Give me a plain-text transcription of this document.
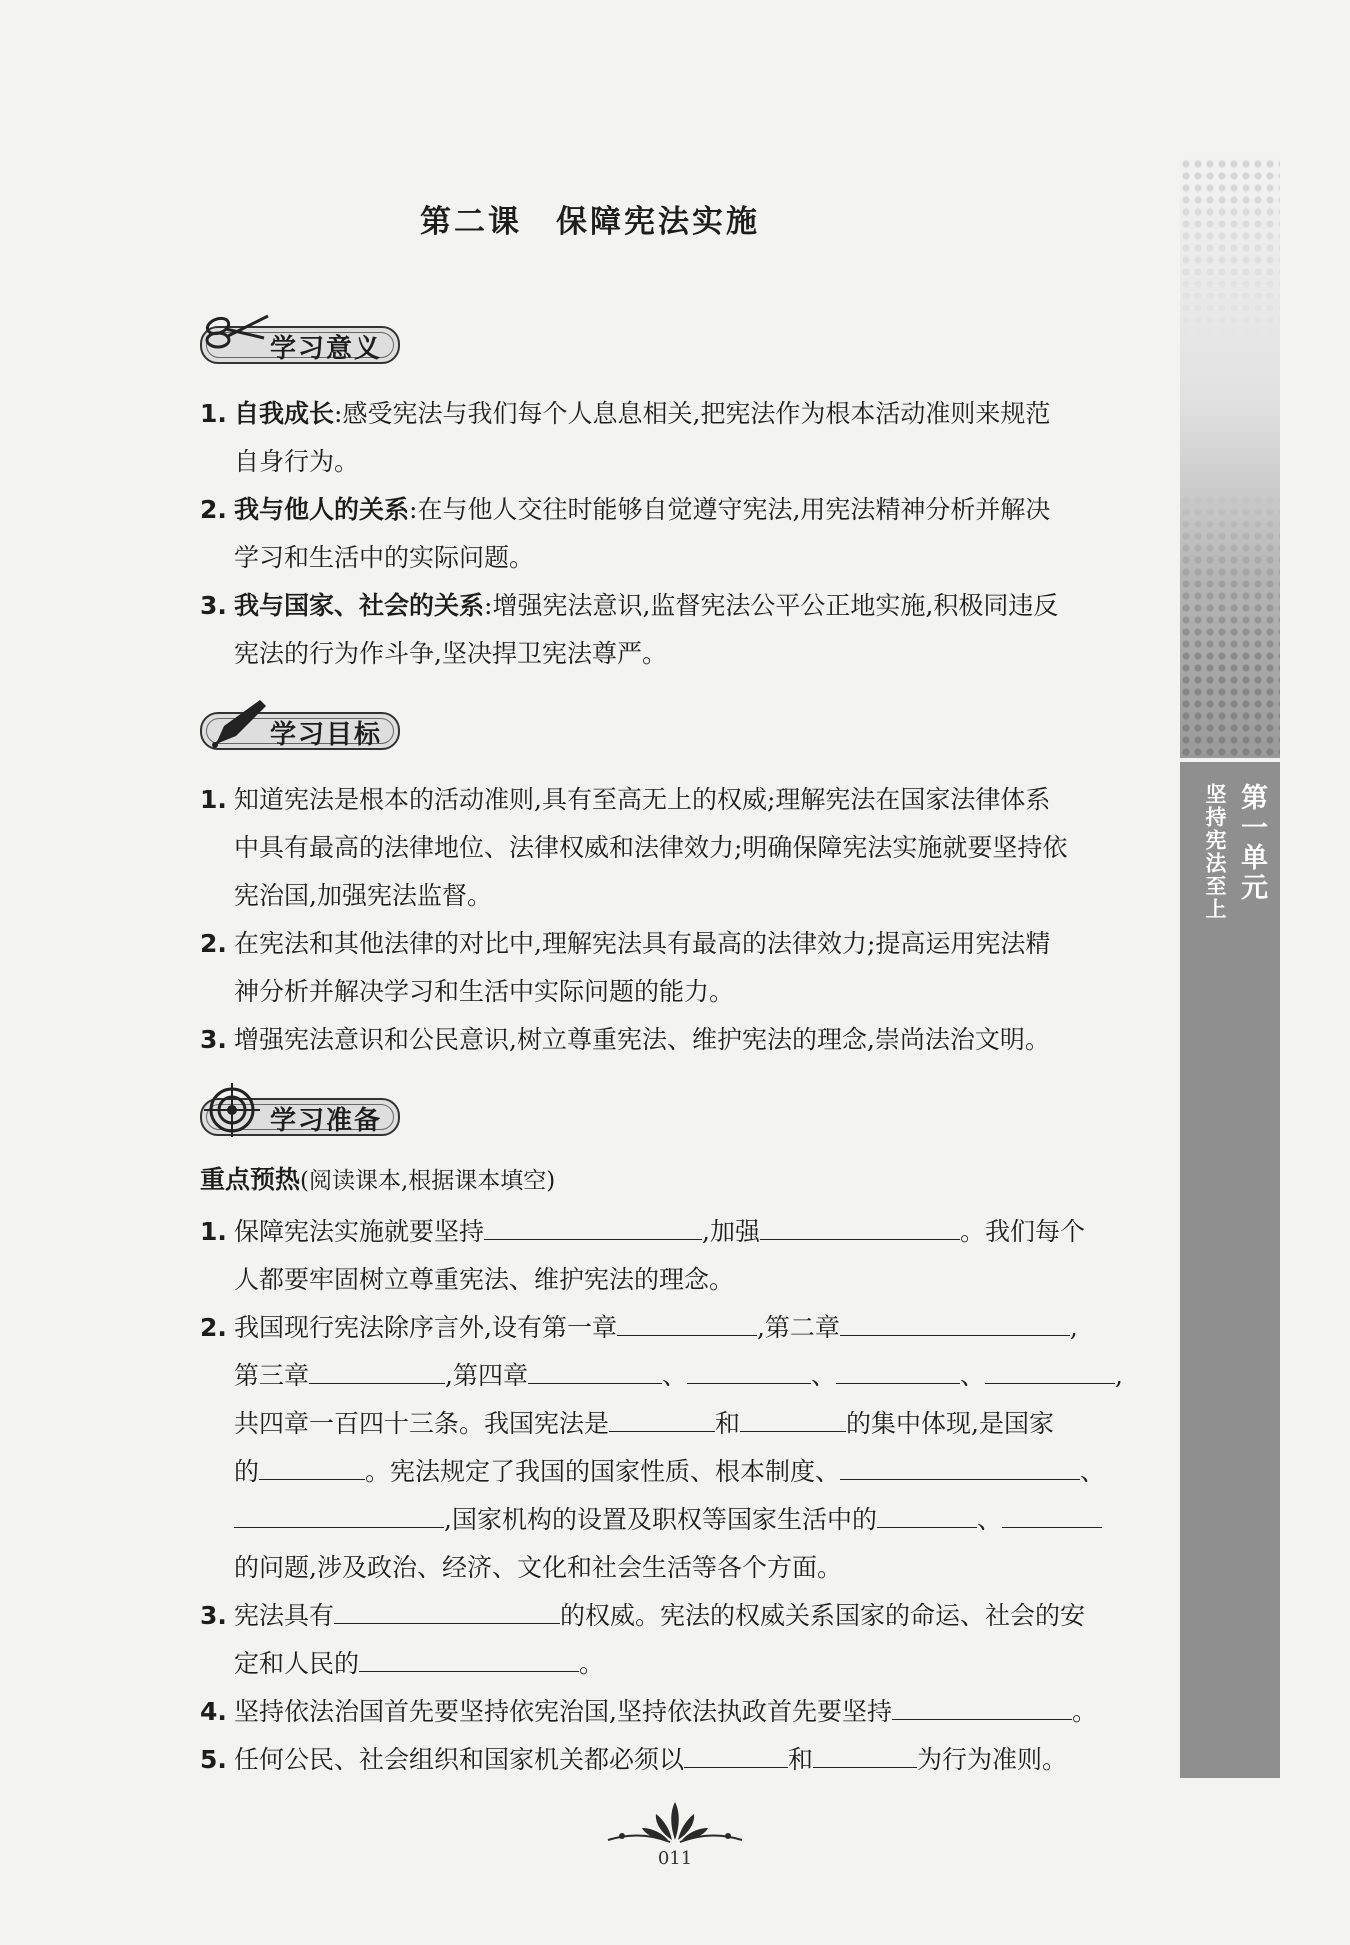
第二课　保障宪法实施
学习意义
1. 自我成长:感受宪法与我们每个人息息相关,把宪法作为根本活动准则来规范
自身行为。
2. 我与他人的关系:在与他人交往时能够自觉遵守宪法,用宪法精神分析并解决
学习和生活中的实际问题。
3. 我与国家、社会的关系:增强宪法意识,监督宪法公平公正地实施,积极同违反
宪法的行为作斗争,坚决捍卫宪法尊严。
学习目标
1. 知道宪法是根本的活动准则,具有至高无上的权威;理解宪法在国家法律体系
中具有最高的法律地位、法律权威和法律效力;明确保障宪法实施就要坚持依
宪治国,加强宪法监督。
2. 在宪法和其他法律的对比中,理解宪法具有最高的法律效力;提高运用宪法精
神分析并解决学习和生活中实际问题的能力。
3. 增强宪法意识和公民意识,树立尊重宪法、维护宪法的理念,崇尚法治文明。
学习准备
重点预热(阅读课本,根据课本填空)
1. 保障宪法实施就要坚持	,加强	。我们每个
人都要牢固树立尊重宪法、维护宪法的理念。
2. 我国现行宪法除序言外,设有第一章	,第二章	,
第三章	,第四章	、	、	、	,
共四章一百四十三条。我国宪法是	和	的集中体现,是国家
的	。宪法规定了我国的国家性质、根本制度、	、
,国家机构的设置及职权等国家生活中的	、
的问题,涉及政治、经济、文化和社会生活等各个方面。
3. 宪法具有	的权威。宪法的权威关系国家的命运、社会的安
定和人民的	。
4. 坚持依法治国首先要坚持依宪治国,坚持依法执政首先要坚持	。
5. 任何公民、社会组织和国家机关都必须以	和	为行为准则。
第一单元
坚持宪法至上
011
